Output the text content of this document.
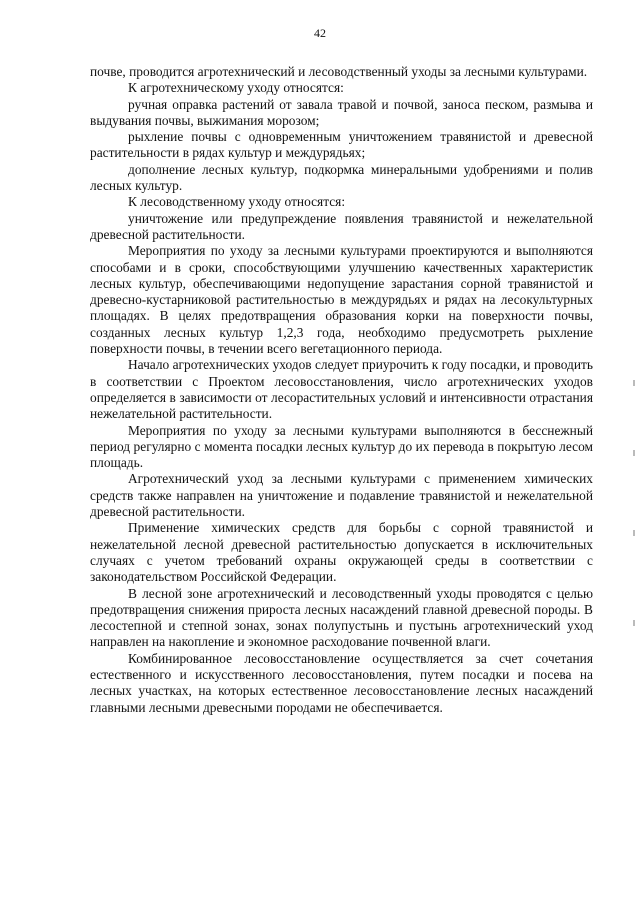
42

почве, проводится агротехнический и лесоводственный уходы за лесными культурами.

К агротехническому уходу относятся:

ручная оправка растений от завала травой и почвой, заноса песком, размыва и выдувания почвы, выжимания морозом;

рыхление почвы с одновременным уничтожением травянистой и древесной растительности в рядах культур и междурядьях;

дополнение лесных культур, подкормка минеральными удобрениями и полив лесных культур.

К лесоводственному уходу относятся:

уничтожение или предупреждение появления травянистой и нежелательной древесной растительности.

Мероприятия по уходу за лесными культурами проектируются и выполняются способами и в сроки, способствующими улучшению качественных характеристик лесных культур, обеспечивающими недопущение зарастания сорной травянистой и древесно-кустарниковой растительностью в междурядьях и рядах на лесокультурных площадях. В целях предотвращения образования корки на поверхности почвы, созданных лесных культур 1,2,3 года, необходимо предусмотреть рыхление поверхности почвы, в течении всего вегетационного периода.

Начало агротехнических уходов следует приурочить к году посадки, и проводить в соответствии с Проектом лесовосстановления, число агротехнических уходов определяется в зависимости от лесорастительных условий и интенсивности отрастания нежелательной растительности.

Мероприятия по уходу за лесными культурами выполняются в бесснежный период регулярно с момента посадки лесных культур до их перевода в покрытую лесом площадь.

Агротехнический уход за лесными культурами с применением химических средств также направлен на уничтожение и подавление травянистой и нежелательной древесной растительности.

Применение химических средств для борьбы с сорной травянистой и нежелательной лесной древесной растительностью допускается в исключительных случаях с учетом требований охраны окружающей среды в соответствии с законодательством Российской Федерации.

В лесной зоне агротехнический и лесоводственный уходы проводятся с целью предотвращения снижения прироста лесных насаждений главной древесной породы. В лесостепной и степной зонах, зонах полупустынь и пустынь агротехнический уход направлен на накопление и экономное расходование почвенной влаги.

Комбинированное лесовосстановление осуществляется за счет сочетания естественного и искусственного лесовосстановления, путем посадки и посева на лесных участках, на которых естественное лесовосстановление лесных насаждений главными лесными древесными породами не обеспечивается.
